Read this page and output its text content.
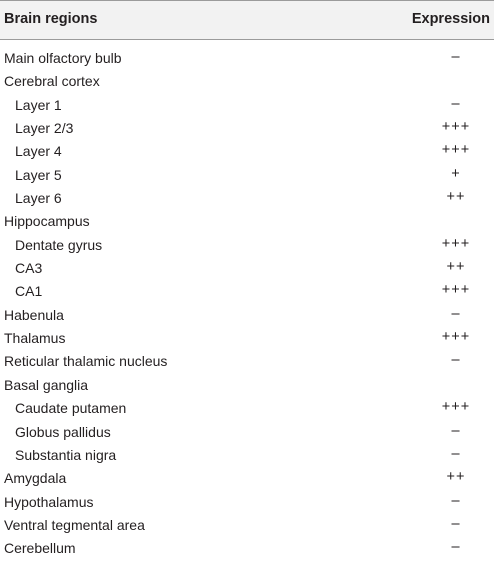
Brain regions	Expression
Main olfactory bulb	–
Cerebral cortex
Layer 1	–
Layer 2/3	+++
Layer 4	+++
Layer 5	+
Layer 6	++
Hippocampus
Dentate gyrus	+++
CA3	++
CA1	+++
Habenula	–
Thalamus	+++
Reticular thalamic nucleus	–
Basal ganglia
Caudate putamen	+++
Globus pallidus	–
Substantia nigra	–
Amygdala	++
Hypothalamus	–
Ventral tegmental area	–
Cerebellum	–
